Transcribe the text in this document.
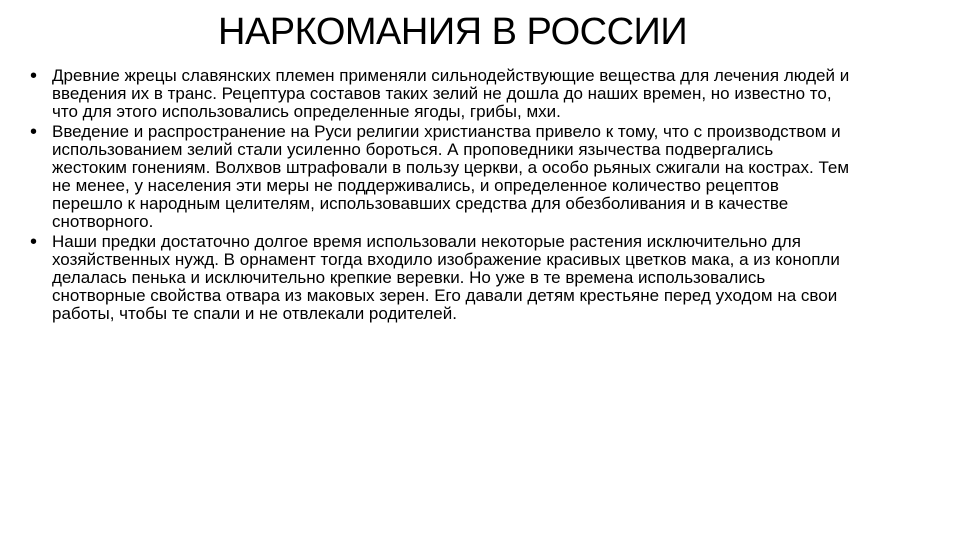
НАРКОМАНИЯ В РОССИИ
• Древние жрецы славянских племен применяли сильнодействующие вещества для лечения людей и введения их в транс. Рецептура составов таких зелий не дошла до наших времен, но известно то, что для этого использовались определенные ягоды, грибы, мхи.
• Введение и распространение на Руси религии христианства привело к тому, что с производством и использованием зелий стали усиленно бороться. А проповедники язычества подвергались жестоким гонениям. Волхвов штрафовали в пользу церкви, а особо рьяных сжигали на кострах. Тем не менее, у населения эти меры не поддерживались, и определенное количество рецептов перешло к народным целителям, использовавших средства для обезболивания и в качестве снотворного.
• Наши предки достаточно долгое время использовали некоторые растения исключительно для хозяйственных нужд. В орнамент тогда входило изображение красивых цветков мака, а из конопли делалась пенька и исключительно крепкие веревки. Но уже в те времена использовались снотворные свойства отвара из маковых зерен. Его давали детям крестьяне перед уходом на свои работы, чтобы те спали и не отвлекали родителей.
